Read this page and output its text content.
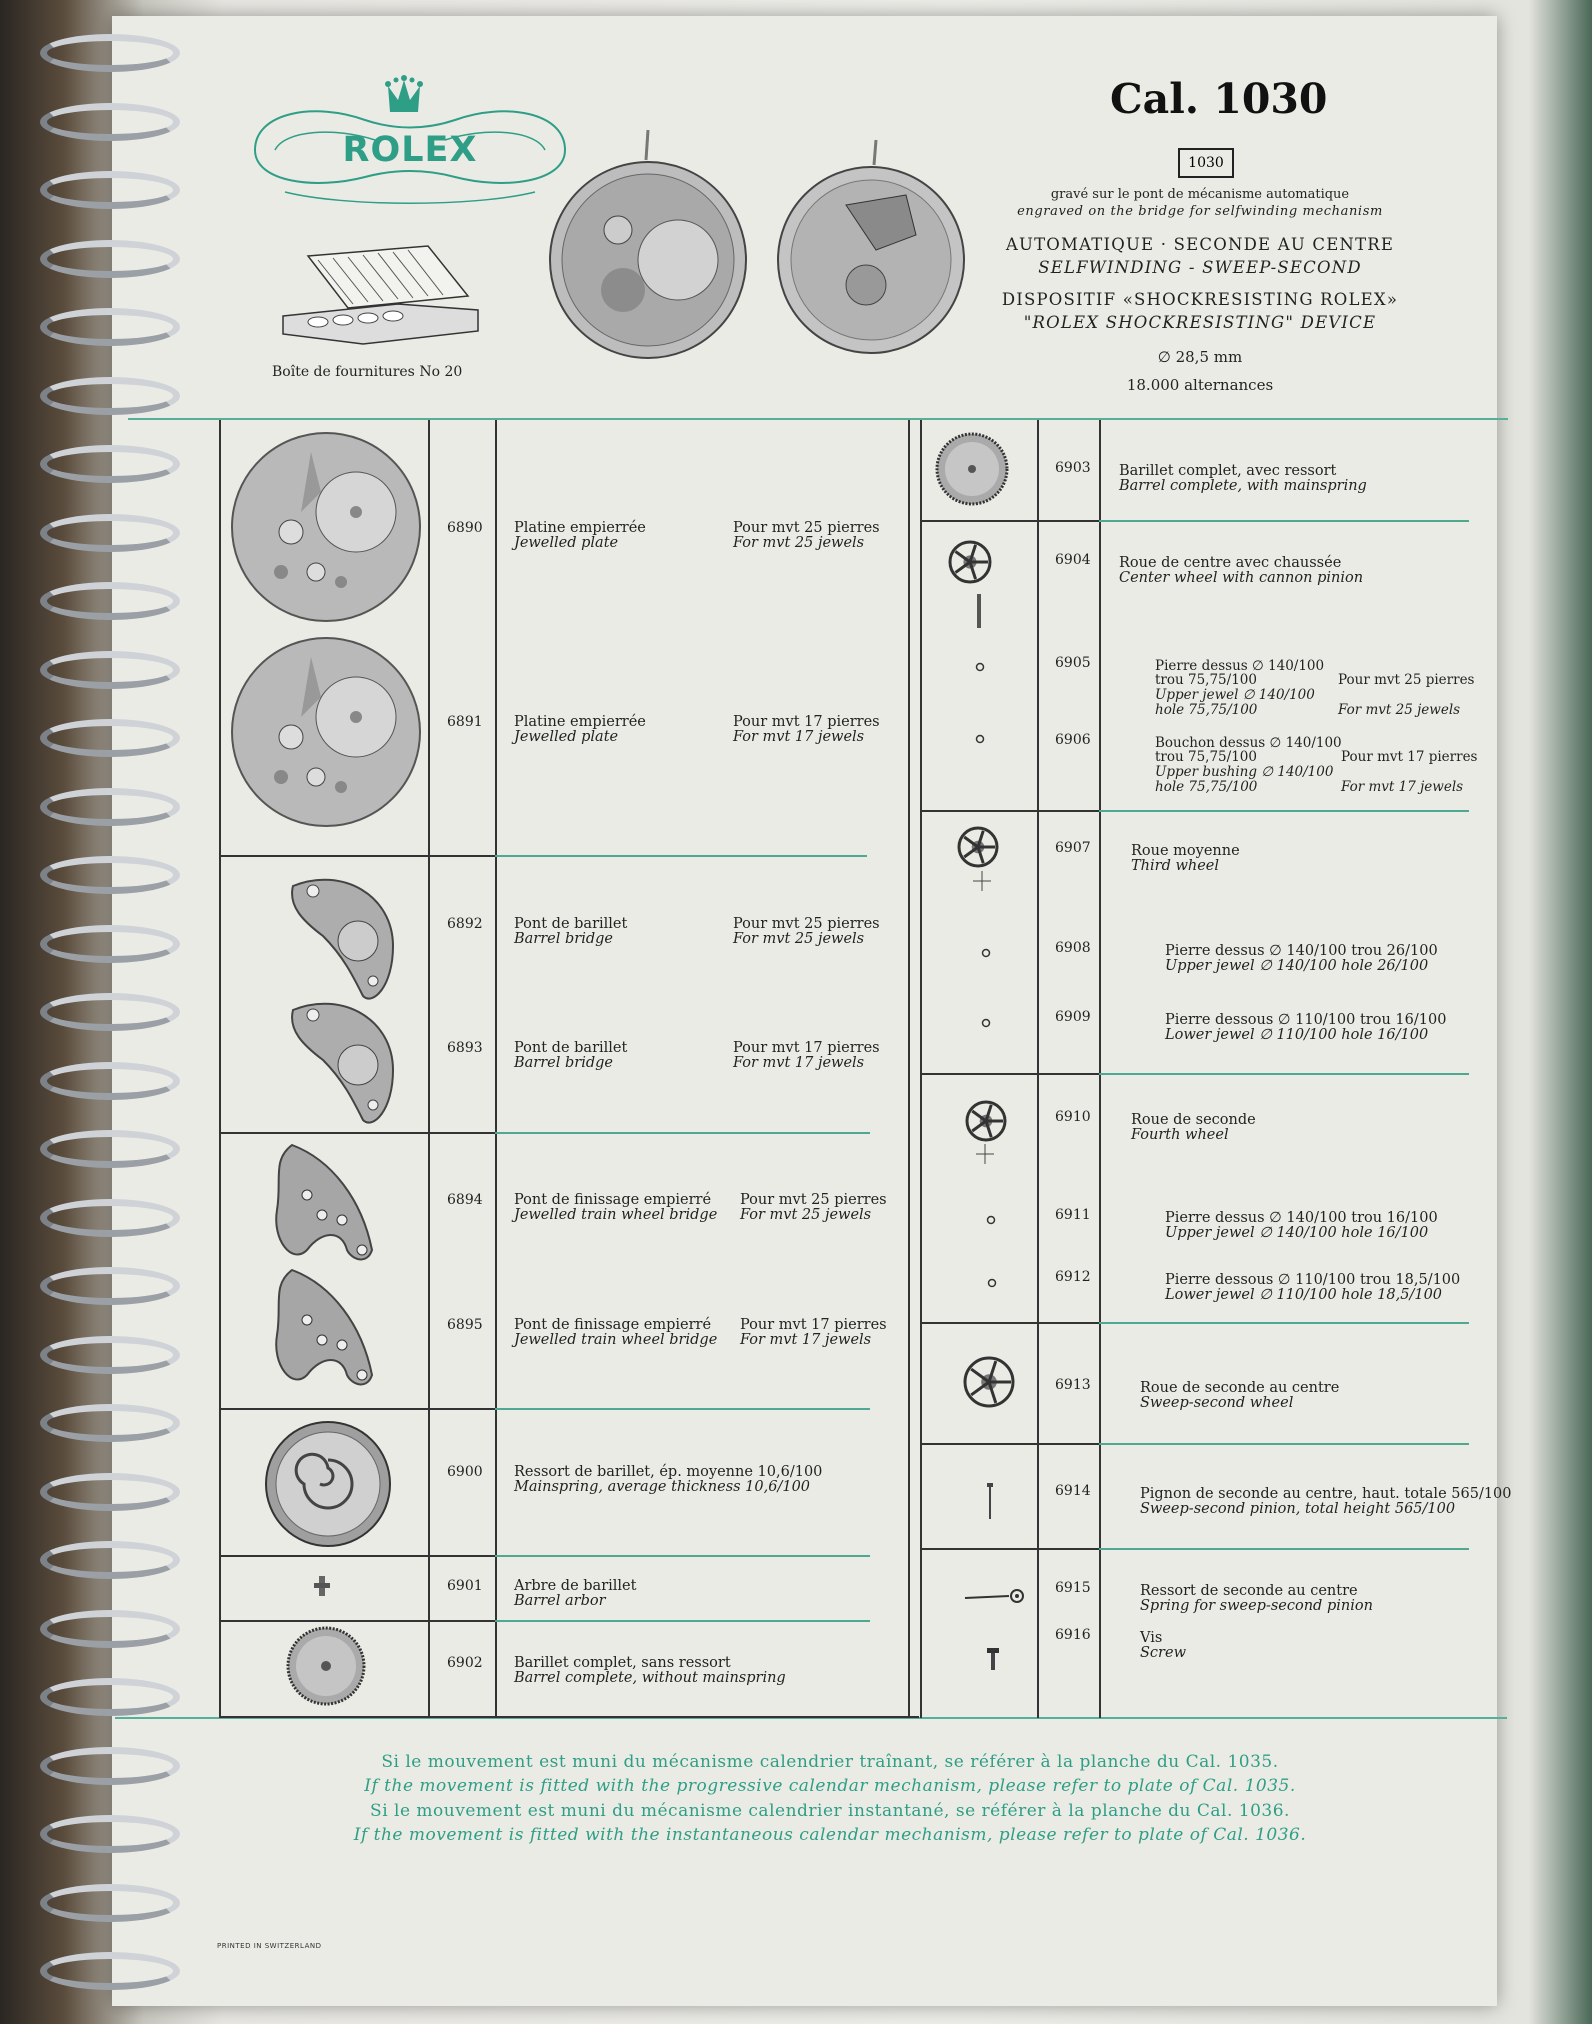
ROLEX
Boîte de fournitures No 20
Cal. 1030
1030
gravé sur le pont de mécanisme automatique
engraved on the bridge for selfwinding mechanism
AUTOMATIQUE · SECONDE AU CENTRE
SELFWINDING - SWEEP-SECOND
DISPOSITIF «SHOCKRESISTING ROLEX»
"ROLEX SHOCKRESISTING" DEVICE
∅ 28,5 mm
18.000 alternances
6890 Platine empierrée
Jewelled plate
Pour mvt 25 pierres
For mvt 25 jewels
6891 Platine empierrée
Jewelled plate
Pour mvt 17 pierres
For mvt 17 jewels
6892 Pont de barillet
Barrel bridge
Pour mvt 25 pierres
For mvt 25 jewels
6893 Pont de barillet
Barrel bridge
Pour mvt 17 pierres
For mvt 17 jewels
6894 Pont de finissage empierré
Jewelled train wheel bridge
Pour mvt 25 pierres
For mvt 25 jewels
6895 Pont de finissage empierré
Jewelled train wheel bridge
Pour mvt 17 pierres
For mvt 17 jewels
6900 Ressort de barillet, ép. moyenne 10,6/100
Mainspring, average thickness 10,6/100
6901 Arbre de barillet
Barrel arbor
6902 Barillet complet, sans ressort
Barrel complete, without mainspring
6903 Barillet complet, avec ressort
Barrel complete, with mainspring
6904 Roue de centre avec chaussée
Center wheel with cannon pinion
6905	Pierre dessus ∅ 140/100
trou 75,75/100
Upper jewel ∅ 140/100
hole 75,75/100
Pour mvt 25 pierres
For mvt 25 jewels
6906	Bouchon dessus ∅ 140/100
trou 75,75/100
Upper bushing ∅ 140/100
hole 75,75/100
Pour mvt 17 pierres
For mvt 17 jewels
6907	Roue moyenne
Third wheel
6908	Pierre dessus ∅ 140/100 trou 26/100
Upper jewel ∅ 140/100 hole 26/100
6909	Pierre dessous ∅ 110/100 trou 16/100
Lower jewel ∅ 110/100 hole 16/100
6910	Roue de seconde
Fourth wheel
6911	Pierre dessus ∅ 140/100 trou 16/100
Upper jewel ∅ 140/100 hole 16/100
6912	Pierre dessous ∅ 110/100 trou 18,5/100
Lower jewel ∅ 110/100 hole 18,5/100
6913	Roue de seconde au centre
Sweep-second wheel
6914	Pignon de seconde au centre, haut. totale 565/100
Sweep-second pinion, total height 565/100
6915	Ressort de seconde au centre
Spring for sweep-second pinion
6916	Vis
Screw
Si le mouvement est muni du mécanisme calendrier traînant, se référer à la planche du Cal. 1035.
If the movement is fitted with the progressive calendar mechanism, please refer to plate of Cal. 1035.
Si le mouvement est muni du mécanisme calendrier instantané, se référer à la planche du Cal. 1036.
If the movement is fitted with the instantaneous calendar mechanism, please refer to plate of Cal. 1036.
PRINTED IN SWITZERLAND
